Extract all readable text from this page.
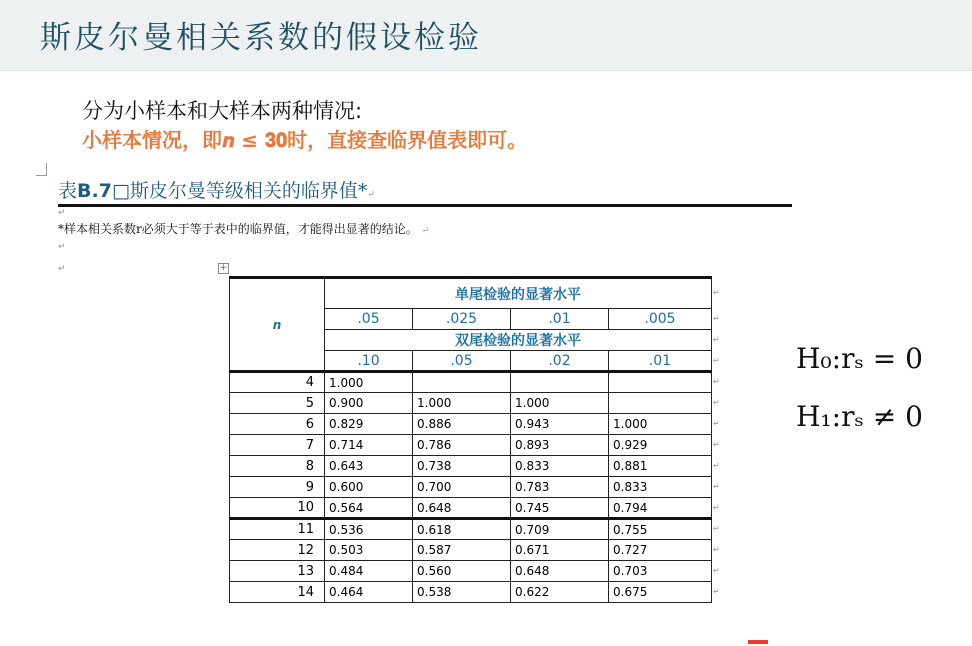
斯皮尔曼相关系数的假设检验
分为小样本和大样本两种情况:
小样本情况，即𝒏 ≤ 𝟑𝟎时，直接查临界值表即可。
表B.7□斯皮尔曼等级相关的临界值*↵
↵
*样本相关系数r必须大于等于表中的临界值，才能得出显著的结论。 ↵
↵
↵	+
n	单尾检验的显著水平			
	.05	.025	.01	.005
	双尾检验的显著水平			
	.10	.05	.02	.01
4	1.000			
5	0.900	1.000	1.000	
6	0.829	0.886	0.943	1.000
7	0.714	0.786	0.893	0.929
8	0.643	0.738	0.833	0.881
9	0.600	0.700	0.783	0.833
10	0.564	0.648	0.745	0.794
11	0.536	0.618	0.709	0.755
12	0.503	0.587	0.671	0.727
13	0.484	0.560	0.648	0.703
14	0.464	0.538	0.622	0.675
↵
↵
↵
↵
↵
↵
↵
↵
↵
↵
↵
↵
↵
↵
↵
H₀:rₛ = 0
H₁:rₛ ≠ 0
